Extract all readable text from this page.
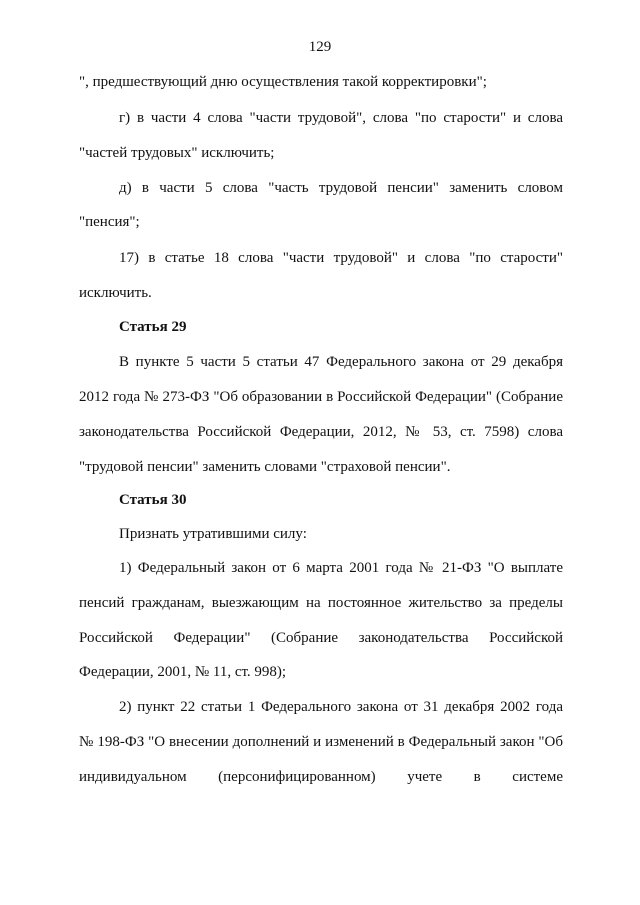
129
", предшествующий дню осуществления такой корректировки";
г) в части 4 слова "части трудовой", слова "по старости" и слова
"частей трудовых" исключить;
д) в части 5 слова "часть трудовой пенсии" заменить словом
"пенсия";
17) в статье 18 слова "части трудовой" и слова "по старости"
исключить.
Статья 29
В пункте 5 части 5 статьи 47 Федерального закона от 29 декабря
2012 года № 273-ФЗ "Об образовании в Российской Федерации" (Собрание
законодательства Российской Федерации, 2012, № 53, ст. 7598) слова
"трудовой пенсии" заменить словами "страховой пенсии".
Статья 30
Признать утратившими силу:
1) Федеральный закон от 6 марта 2001 года № 21-ФЗ "О выплате
пенсий гражданам, выезжающим на постоянное жительство за пределы
Российской Федерации" (Собрание законодательства Российской
Федерации, 2001, № 11, ст. 998);
2) пункт 22 статьи 1 Федерального закона от 31 декабря 2002 года
№ 198-ФЗ "О внесении дополнений и изменений в Федеральный закон "Об
индивидуальном (персонифицированном) учете в системе
